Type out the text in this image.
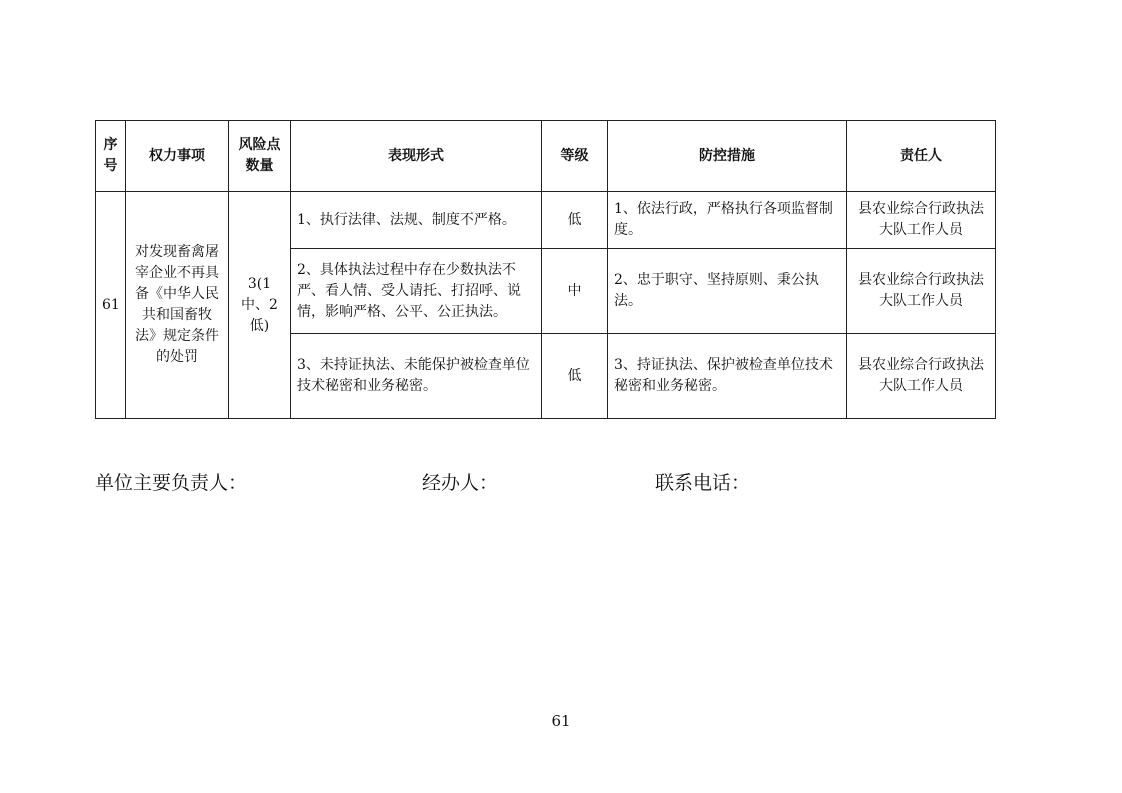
序号	权力事项	风险点数量	表现形式	等级	防控措施	责任人
61	对发现畜禽屠宰企业不再具备《中华人民共和国畜牧法》规定条件的处罚	3(1中、2低)	1、执行法律、法规、制度不严格。	低	1、依法行政，严格执行各项监督制度。	县农业综合行政执法大队工作人员
			2、具体执法过程中存在少数执法不严、看人情、受人请托、打招呼、说情，影响严格、公平、公正执法。	中	2、忠于职守、坚持原则、秉公执法。	县农业综合行政执法大队工作人员
			3、未持证执法、未能保护被检查单位技术秘密和业务秘密。	低	3、持证执法、保护被检查单位技术秘密和业务秘密。	县农业综合行政执法大队工作人员
单位主要负责人：	经办人：	联系电话：
61
